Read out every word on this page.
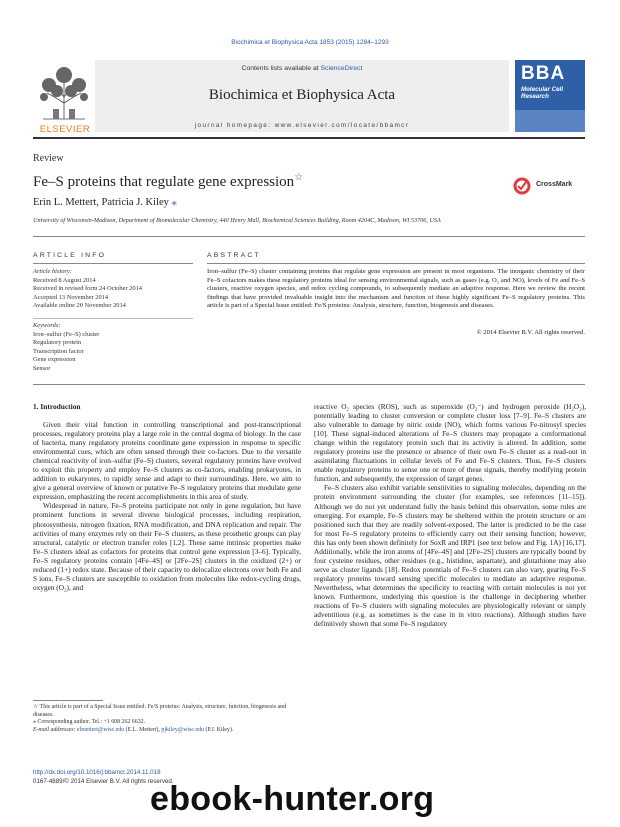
Biochimica et Biophysica Acta 1853 (2015) 1284–1293
Contents lists available at ScienceDirect
Biochimica et Biophysica Acta
journal homepage: www.elsevier.com/locate/bbamcr
ELSEVIER
BBA
Molecular Cell
Research
Review
Fe–S proteins that regulate gene expression☆
CrossMark
Erin L. Mettert, Patricia J. Kiley ⁎
University of Wisconsin-Madison, Department of Biomolecular Chemistry, 440 Henry Mall, Biochemical Sciences Building, Room 4204C, Madison, WI 53706, USA
ARTICLE INFO	ABSTRACT
Article history:
Received 8 August 2014
Received in revised form 24 October 2014
Accepted 13 November 2014
Available online 20 November 2014
Keywords:
Iron–sulfur (Fe–S) cluster
Regulatory protein
Transcription factor
Gene expression
Sensor
Iron–sulfur (Fe–S) cluster containing proteins that regulate gene expression are present in most organisms. The inorganic chemistry of their Fe–S cofactors makes these regulatory proteins ideal for sensing environmental signals, such as gases (e.g. O₂ and NO), levels of Fe and Fe–S clusters, reactive oxygen species, and redox cycling compounds, to subsequently mediate an adaptive response. Here we review the recent findings that have provided invaluable insight into the mechanism and function of these highly significant Fe–S regulatory proteins. This article is part of a Special Issue entitled: Fe/S proteins: Analysis, structure, function, biogenesis and diseases.
© 2014 Elsevier B.V. All rights reserved.
1. Introduction

Given their vital function in controlling transcriptional and post-transcriptional processes, regulatory proteins play a large role in the central dogma of biology. In the case of bacteria, many regulatory proteins coordinate gene expression in response to specific environmental cues, which are often sensed through their co-factors. Due to the versatile chemical reactivity of iron–sulfur (Fe–S) clusters, several regulatory proteins have evolved to exploit this property and employ Fe–S clusters as co-factors, enabling prokaryotes, in addition to eukaryotes, to rapidly sense and adapt to their surroundings. Here, we aim to give a general overview of known or putative Fe–S regulatory proteins that modulate gene expression, emphasizing the recent accomplishments in this area of study.

Widespread in nature, Fe–S proteins participate not only in gene regulation, but have prominent functions in several diverse biological processes, including respiration, photosynthesis, nitrogen fixation, RNA modification, and DNA replication and repair. The activities of many enzymes rely on their Fe–S clusters, as these prosthetic groups can play structural, catalytic or electron transfer roles [1,2]. These same intrinsic properties make Fe–S clusters ideal as cofactors for proteins that control gene expression [3–6]. Typically, Fe–S regulatory proteins contain [4Fe–4S] or [2Fe–2S] clusters in the oxidized (2+) or reduced (1+) redox state. Because of their capacity to delocalize electrons over both Fe and S ions, Fe–S clusters are susceptible to oxidation from molecules like redox-cycling drugs, oxygen (O₂), and

reactive O₂ species (ROS), such as superoxide (O₂⁻) and hydrogen peroxide (H₂O₂), potentially leading to cluster conversion or complete cluster loss [7–9]. Fe–S clusters are also vulnerable to damage by nitric oxide (NO), which forms various Fe-nitrosyl species [10]. These signal-induced alterations of Fe–S clusters may propagate a conformational change within the regulatory protein such that its activity is altered. In addition, some regulatory proteins use the presence or absence of their own Fe–S cluster as a read-out in assimilating fluctuations in cellular levels of Fe and Fe–S clusters. Thus, Fe–S clusters enable regulatory proteins to sense one or more of these signals, thereby modifying protein function, and subsequently, the expression of target genes.

Fe–S clusters also exhibit variable sensitivities to signaling molecules, depending on the protein environment surrounding the cluster (for examples, see references [11–15]). Although we do not yet understand fully the basis behind this observation, some rules are emerging. For example, Fe–S clusters may be sheltered within the protein structure or are positioned such that they are readily solvent-exposed. The latter is predicted to be the case for most Fe–S regulatory proteins to efficiently carry out their sensing function; however, this has only been shown definitely for SoxR and IRP1 (see text below and Fig. 1A) [16,17]. Additionally, while the iron atoms of [4Fe–4S] and [2Fe–2S] clusters are typically bound by four cysteine residues, other residues (e.g., histidine, aspartate), and glutathione may also serve as cluster ligands [18]. Redox potentials of Fe–S clusters can also vary, gearing Fe–S regulatory proteins toward sensing specific molecules to mediate an adaptive response. Nevertheless, what determines the specificity to reacting with certain molecules is not yet known. Furthermore, underlying this question is the challenge in deciphering whether reactions of Fe–S clusters with signaling molecules are physiologically relevant or simply adventitious (e.g. as sometimes is the case in in vitro reactions). Although studies have definitively shown that some Fe–S regulatory

☆ This article is part of a Special Issue entitled: Fe/S proteins: Analysis, structure, function, biogenesis and diseases.
⁎ Corresponding author. Tel.: +1 608 262 6632.
E-mail addresses: elmettert@wisc.edu (E.L. Mettert), pjkiley@wisc.edu (P.J. Kiley).
http://dx.doi.org/10.1016/j.bbamcr.2014.11.018
0167-4889/© 2014 Elsevier B.V. All rights reserved.
ebook-hunter.org
